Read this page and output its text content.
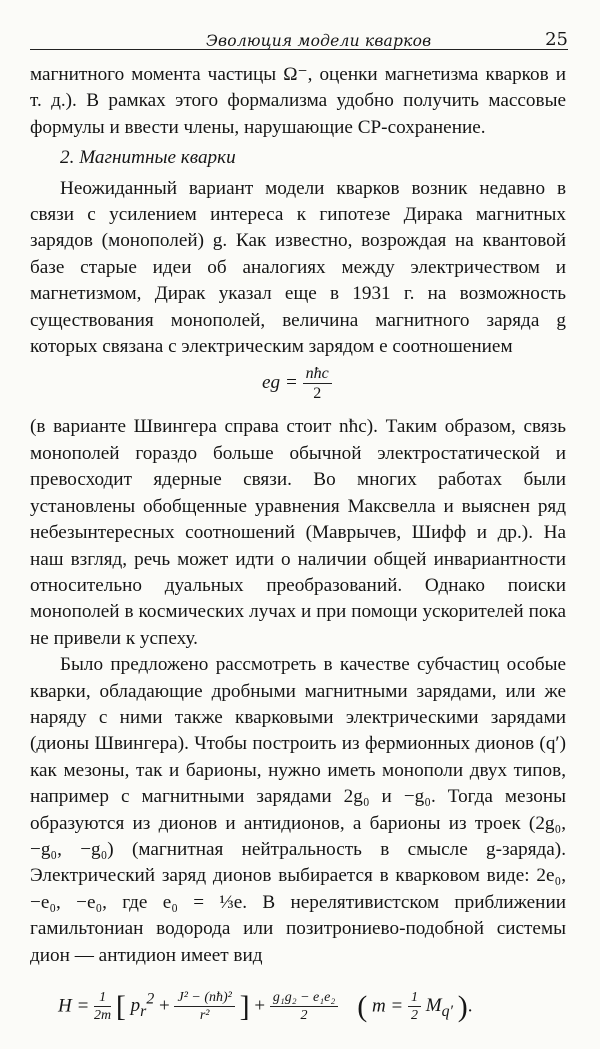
Эволюция модели кварков	25

магнитного момента частицы Ω⁻, оценки магнетизма кварков и т. д.). В рамках этого формализма удобно получить массовые формулы и ввести члены, нарушающие CP-сохранение.

2. Магнитные кварки

Неожиданный вариант модели кварков возник недавно в связи с усилением интереса к гипотезе Дирака магнитных зарядов (монополей) g. Как известно, возрождая на квантовой базе старые идеи об аналогиях между электричеством и магнетизмом, Дирак указал еще в 1931 г. на возможность существования монополей, величина магнитного заряда g которых связана с электрическим зарядом e соотношением

eg = $\frac{\text{nħc}}{2}$

(в варианте Швингера справа стоит nħc). Таким образом, связь монополей гораздо больше обычной электростатической и превосходит ядерные связи. Во многих работах были установлены обобщенные уравнения Максвелла и выяснен ряд небезынтересных соотношений (Маврычев, Шифф и др.). На наш взгляд, речь может идти о наличии общей инвариантности относительно дуальных преобразований. Однако поиски монополей в космических лучах и при помощи ускорителей пока не привели к успеху.

Было предложено рассмотреть в качестве субчастиц особые кварки, обладающие дробными магнитными зарядами, или же наряду с ними также кварковыми электрическими зарядами (дионы Швингера). Чтобы построить из фермионных дионов (q′) как мезоны, так и барионы, нужно иметь монополи двух типов, например с магнитными зарядами 2g₀ и −g₀. Тогда мезоны образуются из дионов и антидионов, а барионы из троек (2g₀, −g₀, −g₀) (магнитная нейтральность в смысле g-заряда). Электрический заряд дионов выбирается в кварковом виде: 2e₀, −e₀, −e₀, где e₀ = ⅓e. В нерелятивистском приближении гамильтониан водорода или позитрониево-подобной системы дион — антидион имеет вид

$H = \frac{1}{2m}$ [ $p_r^2 + \frac{\text{J² − (nħ)²}}{\text{r²}}$ ] + $\frac{\text{g₁g₂ − e₁e₂}}{2}$ ( $m = \frac{1}{2} M_{q'}$ ).
